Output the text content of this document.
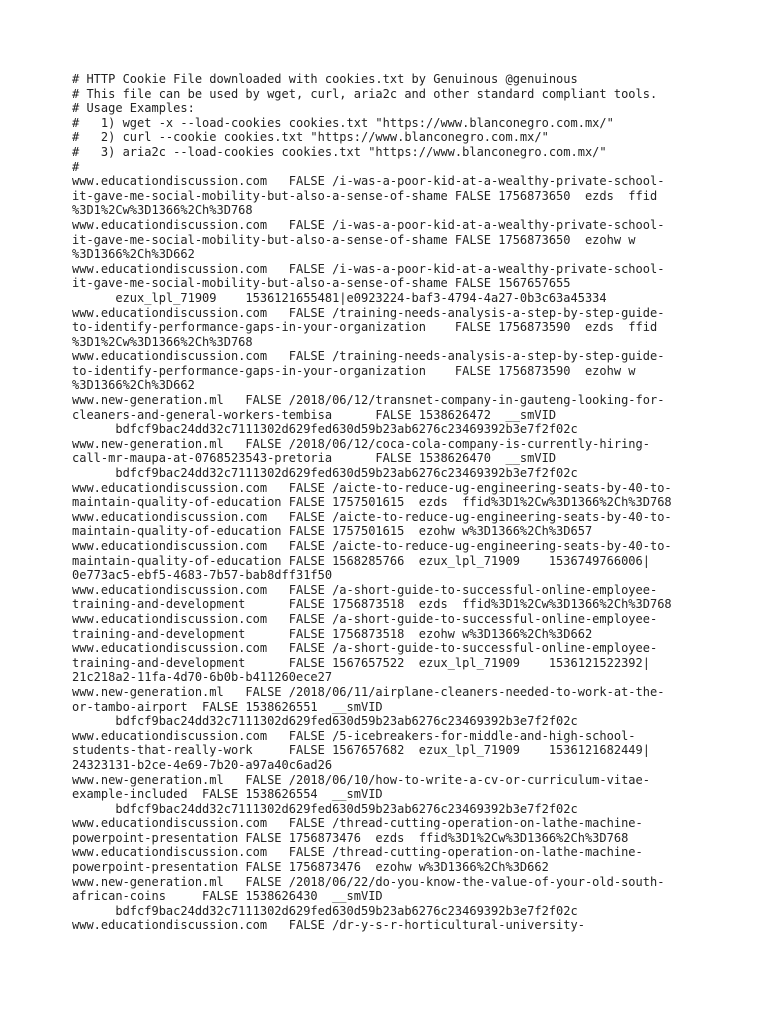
# HTTP Cookie File downloaded with cookies.txt by Genuinous @genuinous
# This file can be used by wget, curl, aria2c and other standard compliant tools.
# Usage Examples:
#   1) wget -x --load-cookies cookies.txt "https://www.blanconegro.com.mx/"
#   2) curl --cookie cookies.txt "https://www.blanconegro.com.mx/"
#   3) aria2c --load-cookies cookies.txt "https://www.blanconegro.com.mx/"
#
www.educationdiscussion.com   FALSE /i-was-a-poor-kid-at-a-wealthy-private-school-
it-gave-me-social-mobility-but-also-a-sense-of-shame FALSE 1756873650  ezds  ffid
%3D1%2Cw%3D1366%2Ch%3D768
www.educationdiscussion.com   FALSE /i-was-a-poor-kid-at-a-wealthy-private-school-
it-gave-me-social-mobility-but-also-a-sense-of-shame FALSE 1756873650  ezohw w
%3D1366%2Ch%3D662
www.educationdiscussion.com   FALSE /i-was-a-poor-kid-at-a-wealthy-private-school-
it-gave-me-social-mobility-but-also-a-sense-of-shame FALSE 1567657655
ezux_lpl_71909    1536121655481|e0923224-baf3-4794-4a27-0b3c63a45334
www.educationdiscussion.com   FALSE /training-needs-analysis-a-step-by-step-guide-
to-identify-performance-gaps-in-your-organization    FALSE 1756873590  ezds  ffid
%3D1%2Cw%3D1366%2Ch%3D768
www.educationdiscussion.com   FALSE /training-needs-analysis-a-step-by-step-guide-
to-identify-performance-gaps-in-your-organization    FALSE 1756873590  ezohw w
%3D1366%2Ch%3D662
www.new-generation.ml   FALSE /2018/06/12/transnet-company-in-gauteng-looking-for-
cleaners-and-general-workers-tembisa      FALSE 1538626472  __smVID
bdfcf9bac24dd32c7111302d629fed630d59b23ab6276c23469392b3e7f2f02c
www.new-generation.ml   FALSE /2018/06/12/coca-cola-company-is-currently-hiring-
call-mr-maupa-at-0768523543-pretoria      FALSE 1538626470  __smVID
bdfcf9bac24dd32c7111302d629fed630d59b23ab6276c23469392b3e7f2f02c
www.educationdiscussion.com   FALSE /aicte-to-reduce-ug-engineering-seats-by-40-to-
maintain-quality-of-education FALSE 1757501615  ezds  ffid%3D1%2Cw%3D1366%2Ch%3D768
www.educationdiscussion.com   FALSE /aicte-to-reduce-ug-engineering-seats-by-40-to-
maintain-quality-of-education FALSE 1757501615  ezohw w%3D1366%2Ch%3D657
www.educationdiscussion.com   FALSE /aicte-to-reduce-ug-engineering-seats-by-40-to-
maintain-quality-of-education FALSE 1568285766  ezux_lpl_71909    1536749766006|
0e773ac5-ebf5-4683-7b57-bab8dff31f50
www.educationdiscussion.com   FALSE /a-short-guide-to-successful-online-employee-
training-and-development      FALSE 1756873518  ezds  ffid%3D1%2Cw%3D1366%2Ch%3D768
www.educationdiscussion.com   FALSE /a-short-guide-to-successful-online-employee-
training-and-development      FALSE 1756873518  ezohw w%3D1366%2Ch%3D662
www.educationdiscussion.com   FALSE /a-short-guide-to-successful-online-employee-
training-and-development      FALSE 1567657522  ezux_lpl_71909    1536121522392|
21c218a2-11fa-4d70-6b0b-b411260ece27
www.new-generation.ml   FALSE /2018/06/11/airplane-cleaners-needed-to-work-at-the-
or-tambo-airport  FALSE 1538626551  __smVID
bdfcf9bac24dd32c7111302d629fed630d59b23ab6276c23469392b3e7f2f02c
www.educationdiscussion.com   FALSE /5-icebreakers-for-middle-and-high-school-
students-that-really-work     FALSE 1567657682  ezux_lpl_71909    1536121682449|
24323131-b2ce-4e69-7b20-a97a40c6ad26
www.new-generation.ml   FALSE /2018/06/10/how-to-write-a-cv-or-curriculum-vitae-
example-included  FALSE 1538626554  __smVID
bdfcf9bac24dd32c7111302d629fed630d59b23ab6276c23469392b3e7f2f02c
www.educationdiscussion.com   FALSE /thread-cutting-operation-on-lathe-machine-
powerpoint-presentation FALSE 1756873476  ezds  ffid%3D1%2Cw%3D1366%2Ch%3D768
www.educationdiscussion.com   FALSE /thread-cutting-operation-on-lathe-machine-
powerpoint-presentation FALSE 1756873476  ezohw w%3D1366%2Ch%3D662
www.new-generation.ml   FALSE /2018/06/22/do-you-know-the-value-of-your-old-south-
african-coins     FALSE 1538626430  __smVID
bdfcf9bac24dd32c7111302d629fed630d59b23ab6276c23469392b3e7f2f02c
www.educationdiscussion.com   FALSE /dr-y-s-r-horticultural-university-
